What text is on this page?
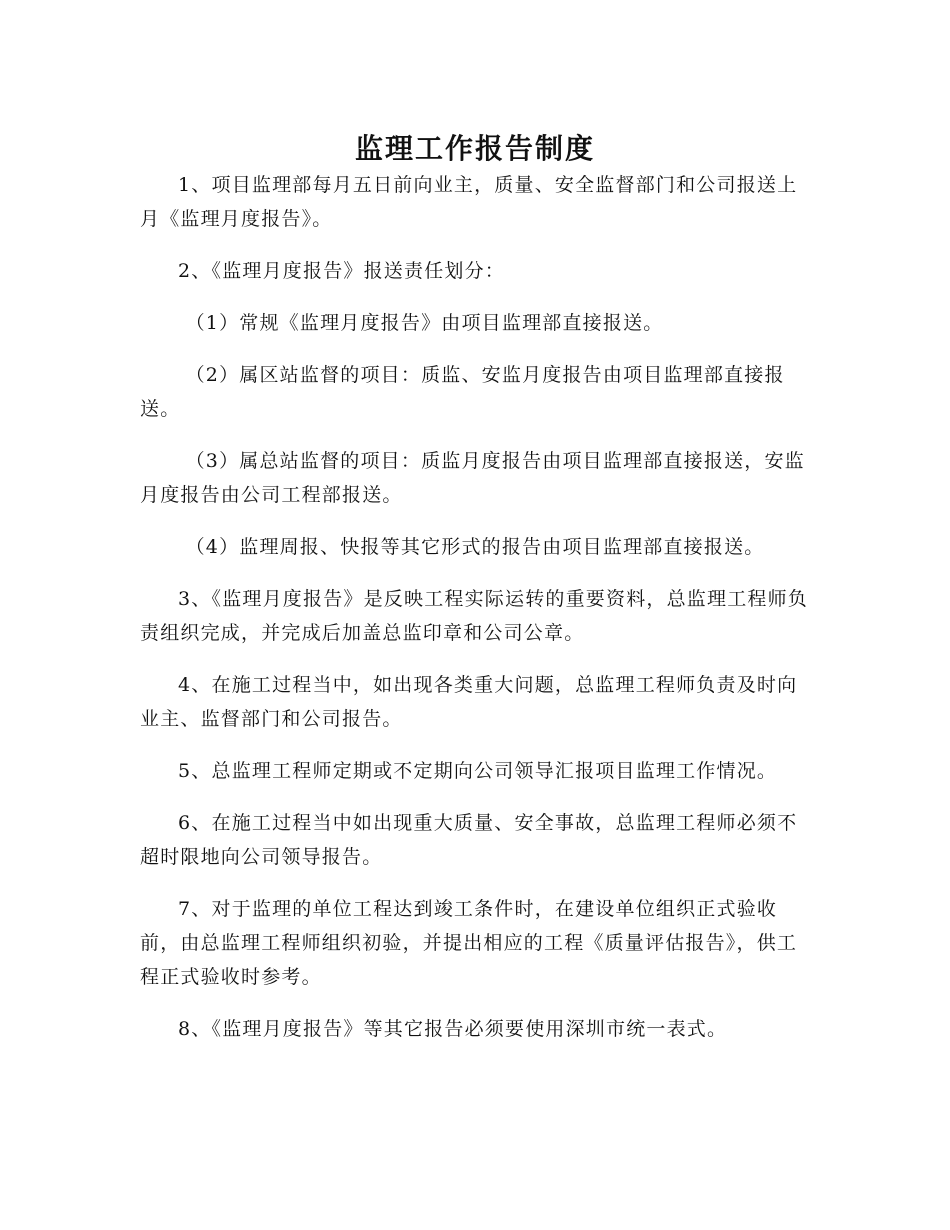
监理工作报告制度

1、项目监理部每月五日前向业主，质量、安全监督部门和公司报送上月《监理月度报告》。

2、《监理月度报告》报送责任划分：

（1）常规《监理月度报告》由项目监理部直接报送。

（2）属区站监督的项目：质监、安监月度报告由项目监理部直接报送。

（3）属总站监督的项目：质监月度报告由项目监理部直接报送，安监月度报告由公司工程部报送。

（4）监理周报、快报等其它形式的报告由项目监理部直接报送。

3、《监理月度报告》是反映工程实际运转的重要资料，总监理工程师负责组织完成，并完成后加盖总监印章和公司公章。

4、在施工过程当中，如出现各类重大问题，总监理工程师负责及时向业主、监督部门和公司报告。

5、总监理工程师定期或不定期向公司领导汇报项目监理工作情况。

6、在施工过程当中如出现重大质量、安全事故，总监理工程师必须不超时限地向公司领导报告。

7、对于监理的单位工程达到竣工条件时，在建设单位组织正式验收前，由总监理工程师组织初验，并提出相应的工程《质量评估报告》，供工程正式验收时参考。

8、《监理月度报告》等其它报告必须要使用深圳市统一表式。
